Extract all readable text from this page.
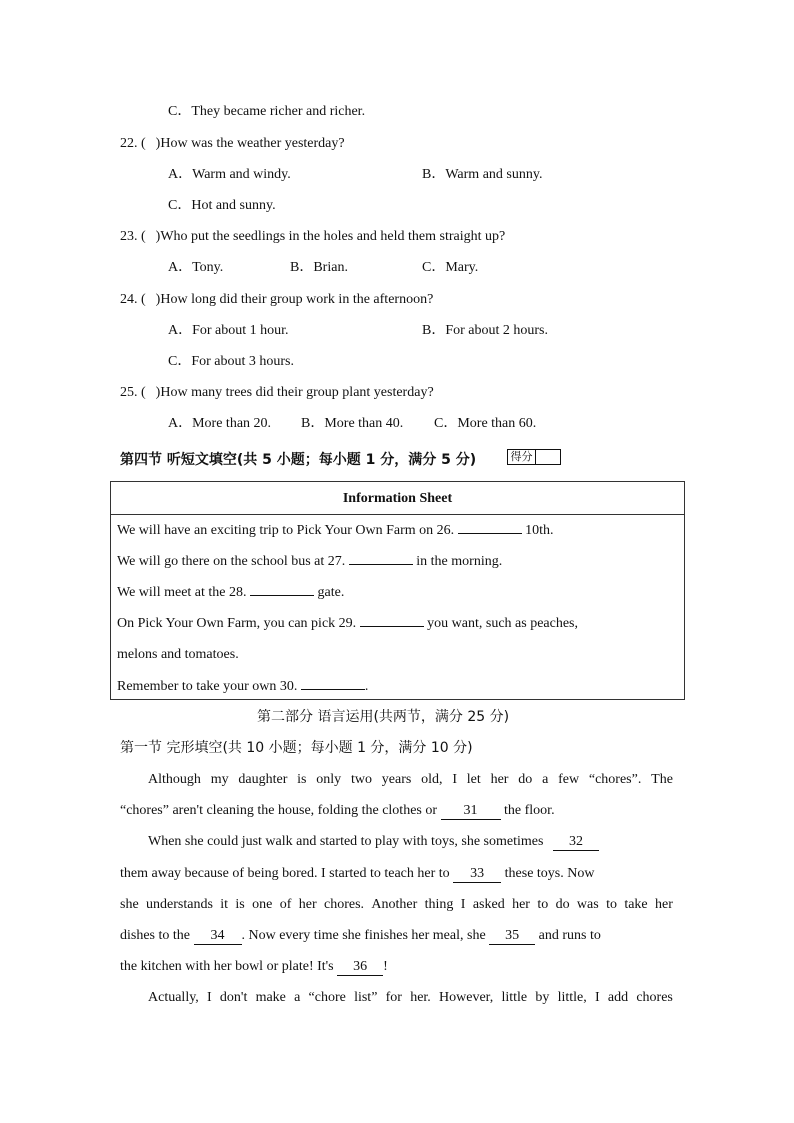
C．They became richer and richer.
22. ( )How was the weather yesterday?
A．Warm and windy.	B．Warm and sunny.
C．Hot and sunny.
23. ( )Who put the seedlings in the holes and held them straight up?
A．Tony.	B．Brian.	C．Mary.
24. ( )How long did their group work in the afternoon?
A．For about 1 hour.	B．For about 2 hours.
C．For about 3 hours.
25. ( )How many trees did their group plant yesterday?
A．More than 20. B．More than 40. C．More than 60.
第四节 听短文填空(共 5 小题；每小题 1 分，满分 5 分)	得分
Information Sheet
We will have an exciting trip to Pick Your Own Farm on 26.	10th.
We will go there on the school bus at 27.	in the morning.
We will meet at the 28.	gate.
On Pick Your Own Farm, you can pick 29.	you want, such as peaches,
melons and tomatoes.
Remember to take your own 30.	.
第二部分 语言运用(共两节，满分 25 分)
第一节 完形填空(共 10 小题；每小题 1 分，满分 10 分)
Although my daughter is only two years old, I let her do a few “chores”. The
“chores” aren't cleaning the house, folding the clothes or 31 the floor.
When she could just walk and started to play with toys, she sometimes 32
them away because of being bored. I started to teach her to 33 these toys. Now
she understands it is one of her chores. Another thing I asked her to do was to take her
dishes to the 34 . Now every time she finishes her meal, she 35 and runs to
the kitchen with her bowl or plate! It's 36 !
Actually, I don't make a “chore list” for her. However, little by little, I add chores
